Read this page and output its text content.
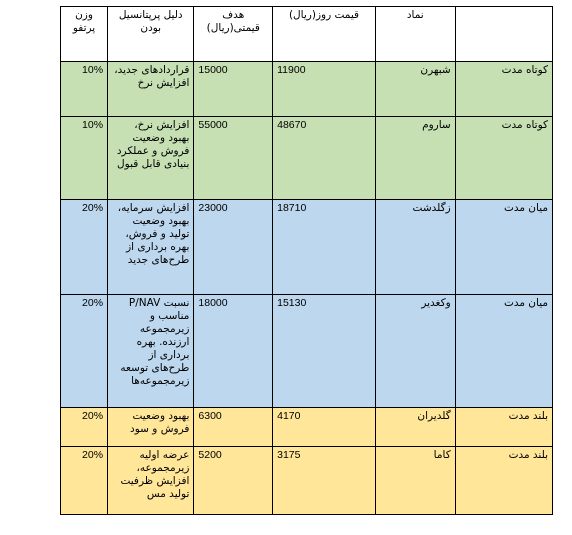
	نماد	قیمت روز(ریال)	هدف قیمتی(ریال)	دلیل پرپتانسیل بودن	وزن پرتفو
کوتاه مدت	شبهرن	11900	15000	قراردادهای جدید، افزایش نرخ	10%

کوتاه مدت	ساروم	48670	55000	افزایش نرخ، بهبود وضعیت فروش و عملکرد بنیادی قابل قبول	10%

میان مدت	زگلدشت	18710	23000	افزایش سرمایه، بهبود وضعیت تولید و فروش، بهره برداری از طرح‌های جدید	20%

میان مدت	وکغدیر	15130	18000	نسبت P/NAV مناسب و زیرمجموعه ارزنده. بهره برداری از طرح‌های توسعه زیرمجموعه‌ها	20%

بلند مدت	گلدیران	4170	6300	بهبود وضعیت فروش و سود	20%

بلند مدت	کاما	3175	5200	عرضه اولیه زیرمجموعه، افزایش ظرفیت تولید مس	20%
